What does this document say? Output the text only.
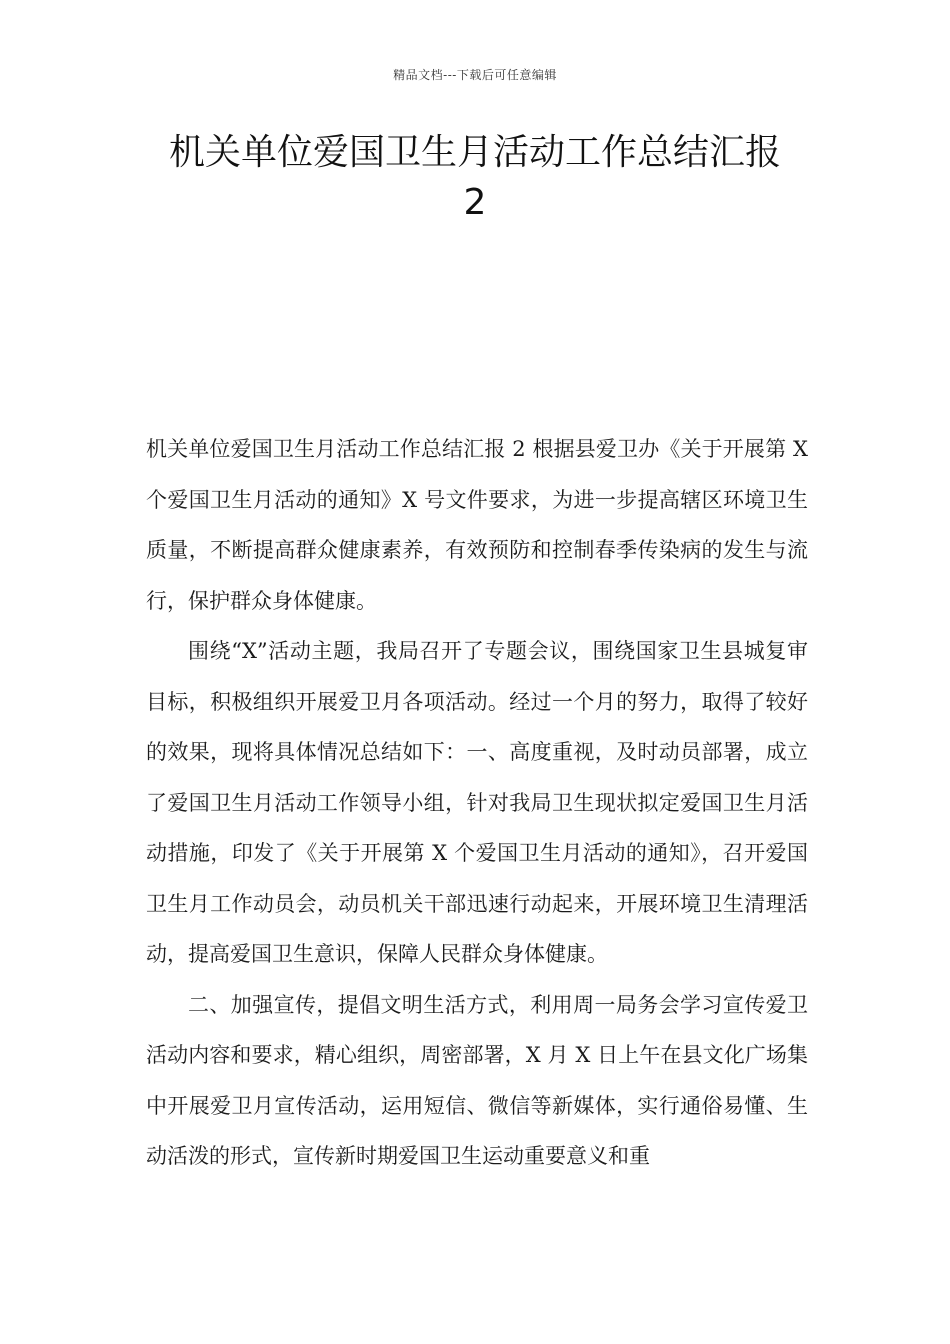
精品文档---下载后可任意编辑
机关单位爱国卫生月活动工作总结汇报
2

机关单位爱国卫生月活动工作总结汇报 2 根据县爱卫办《关于开展第 X 个爱国卫生月活动的通知》X 号文件要求，为进一步提高辖区环境卫生质量，不断提高群众健康素养，有效预防和控制春季传染病的发生与流行，保护群众身体健康。

围绕“X”活动主题，我局召开了专题会议，围绕国家卫生县城复审目标，积极组织开展爱卫月各项活动。经过一个月的努力，取得了较好的效果，现将具体情况总结如下：一、高度重视，及时动员部署，成立了爱国卫生月活动工作领导小组，针对我局卫生现状拟定爱国卫生月活动措施，印发了《关于开展第 X 个爱国卫生月活动的通知》，召开爱国卫生月工作动员会，动员机关干部迅速行动起来，开展环境卫生清理活动，提高爱国卫生意识，保障人民群众身体健康。

二、加强宣传，提倡文明生活方式，利用周一局务会学习宣传爱卫活动内容和要求，精心组织，周密部署，X 月 X 日上午在县文化广场集中开展爱卫月宣传活动，运用短信、微信等新媒体，实行通俗易懂、生动活泼的形式，宣传新时期爱国卫生运动重要意义和重
